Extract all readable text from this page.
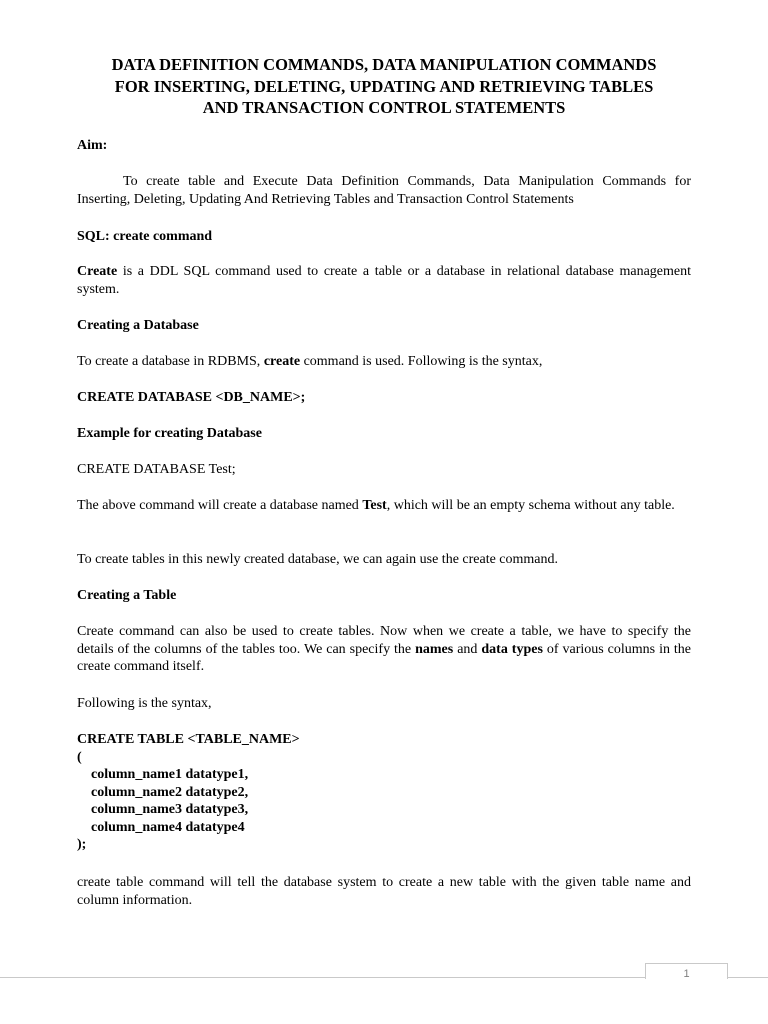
DATA DEFINITION COMMANDS, DATA MANIPULATION COMMANDS
FOR INSERTING, DELETING, UPDATING AND RETRIEVING TABLES
AND TRANSACTION CONTROL STATEMENTS

Aim:

To create table and Execute Data Definition Commands, Data Manipulation Commands for Inserting, Deleting, Updating And Retrieving Tables and Transaction Control Statements

SQL: create command

Create is a DDL SQL command used to create a table or a database in relational database management system.

Creating a Database

To create a database in RDBMS, create command is used. Following is the syntax,

CREATE DATABASE <DB_NAME>;

Example for creating Database

CREATE DATABASE Test;

The above command will create a database named Test, which will be an empty schema without any table.

To create tables in this newly created database, we can again use the create command.

Creating a Table

Create command can also be used to create tables. Now when we create a table, we have to specify the details of the columns of the tables too. We can specify the names and data types of various columns in the create command itself.

Following is the syntax,

CREATE TABLE <TABLE_NAME>
(
column_name1 datatype1,
column_name2 datatype2,
column_name3 datatype3,
column_name4 datatype4
);

create table command will tell the database system to create a new table with the given table name and column information.

1
